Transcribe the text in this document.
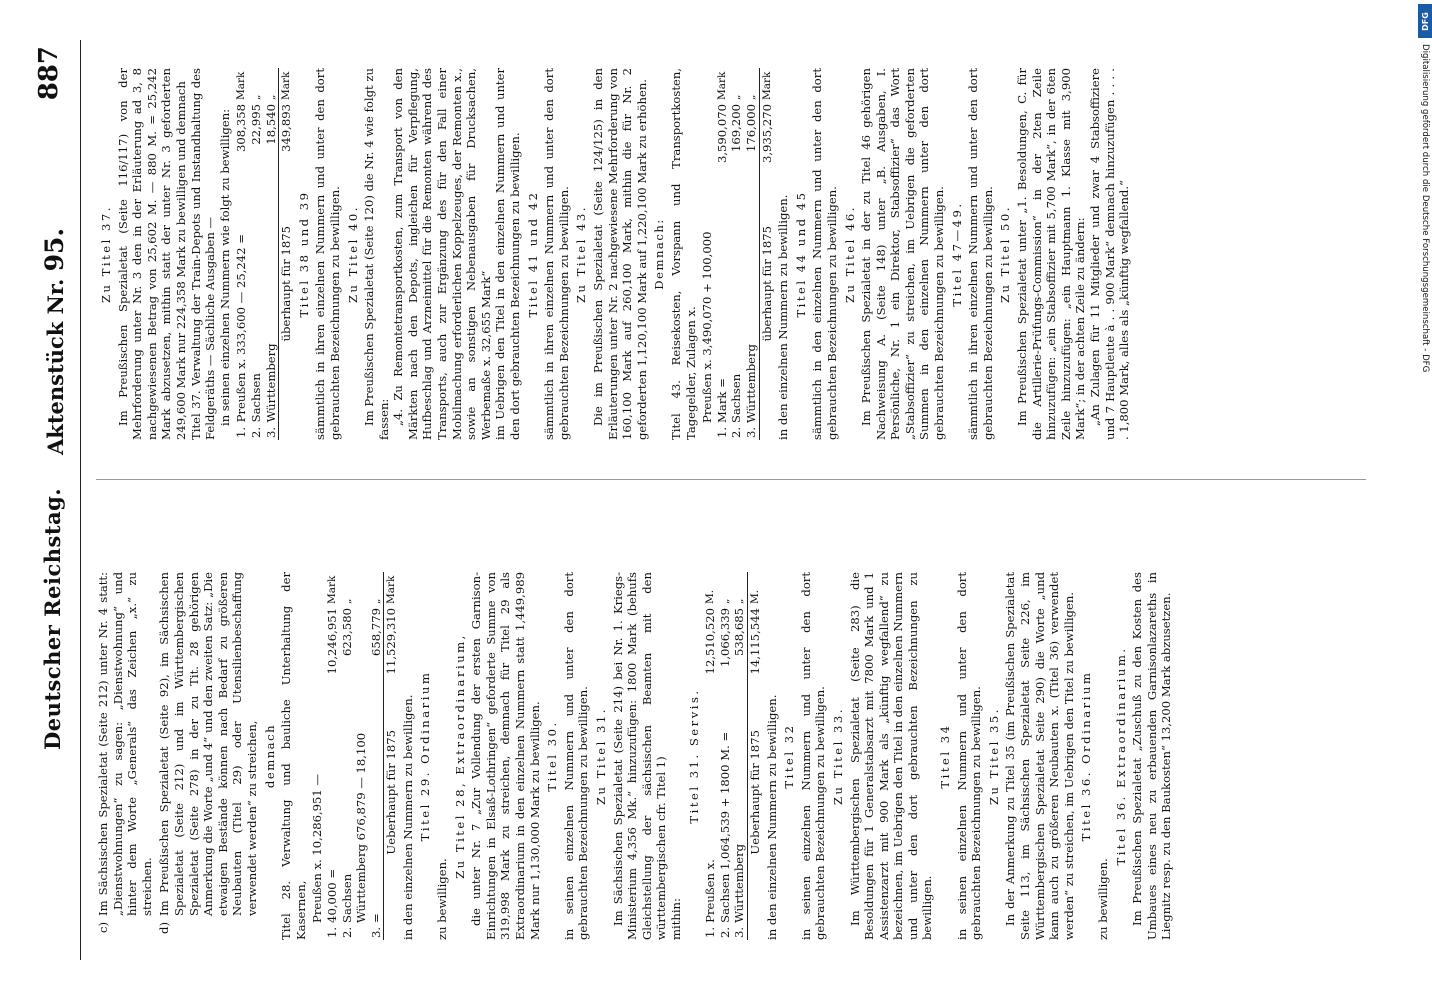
Deutscher Reichstag.
Aktenstück Nr. 95.
887
c)
Im Sächsischen Spezialetat (Seite 212) unter Nr. 4 statt: „Dienstwohnungen“ zu sagen: „Dienstwohnung“ und hinter dem Worte „Generals“ das Zeichen „x.“ zu streichen.
d)
Im Preußischen Spezialetat (Seite 92), im Sächsischen Spezialetat (Seite 212) und im Württembergischen Spezialetat (Seite 278) in der zu Tit. 28 gehörigen Anmerkung die Worte „und 4“ und den zweiten Satz: „Die etwaigen Bestände können nach Bedarf zu größeren Neubauten (Titel 29) oder Utensilienbeschaffung verwendet werden“ zu streichen, demnach Titel 28. Verwaltung und bauliche Unterhaltung der Kasernen, 1.	Preußen x. 10,286,951 — 40,000 =	10,246,951	Mark
2.	Sachsen	623,580	„
3.	Württemberg 676,879 — 18,100 =	658,779	„
	Ueberhaupt für 1875	11,529,310	Mark
in den einzelnen Nummern zu bewilligen. Titel 29. Ordinarium
zu bewilligen.
Zu Titel 28, Extraordinarium, die unter Nr. 7 „Zur Vollendung der ersten Garnison-Einrichtungen in Elsaß-Lothringen“ geforderte Summe von 319,998 Mark zu streichen, demnach für Titel 29 als Extraordinarium in den einzelnen Nummern statt 1,449,989 Mark nur 1,130,000 Mark zu bewilligen. Titel 30. in seinen einzelnen Nummern und unter den dort gebrauchten Bezeichnungen zu bewilligen. Zu Titel 31. Im Sächsischen Spezialetat (Seite 214) bei Nr. 1. Kriegs-Ministerium 4,356 Mk.“ hinzuzufügen: 1800 Mark (behufs Gleichstellung der sächsischen Beamten mit den württembergischen cfr. Titel 1) mithin:
Titel 31. Servis.
1.	Preußen x.	12,510,520	M.
2.	Sachsen 1,064,539 + 1800 M. =	1,066,339	„
3.	Württemberg	538,685	„
	Ueberhaupt für 1875	14,115,544	M.
in den einzelnen Nummern zu bewilligen. Titel 32 in seinen einzelnen Nummern und unter den dort gebrauchten Bezeichnungen zu bewilligen. Zu Titel 33. Im Württembergischen Spezialetat (Seite 283) die Besoldungen für 1 Generalstabsarzt mit 7800 Mark und 1 Assistenzarzt mit 900 Mark als „künftig wegfallend“ zu bezeichnen, im Uebrigen den Titel in den einzelnen Nummern und unter den dort gebrauchten Bezeichnungen zu bewilligen.
Titel 34 in seinen einzelnen Nummern und unter den dort gebrauchten Bezeichnungen zu bewilligen. Zu Titel 35. In der Anmerkung zu Titel 35 (im Preußischen Spezialetat Seite 113, im Sächsischen Spezialetat Seite 226, im Württembergischen Spezialetat Seite 290) die Worte „und kann auch zu größeren Neubauten x. (Titel 36) verwendet werden“ zu streichen, im Uebrigen den Titel zu bewilligen. Titel 36. Ordinarium
zu bewilligen.
Titel 36. Extraordinarium. Im Preußischen Spezialetat „Zuschuß zu den Kosten des Umbaues eines neu zu erbauenden Garnisonlazareths in Liegnitz resp. zu den Baukosten“ 13,200 Mark abzusetzen.
Zu Titel 37. Im Preußischen Spezialetat (Seite 116/117) von der Mehrforderung unter Nr. 3 den in der Erläuterung ad 3, 8 nachgewiesenen Betrag von 25,602 M. — 880 M. = 25,242 Mark abzusetzen, mithin statt der unter Nr. 3 geforderten 249,600 Mark nur 224,358 Mark zu bewilligen und demnach Titel 37. Verwaltung der Train-Depots und Instandhaltung des Feldgeräths — Sächliche Ausgaben — in seinen einzelnen Nummern wie folgt zu bewilligen:
1.	Preußen x. 333,600 — 25,242 =	308,358	Mark
2.	Sachsen	22,995	„
3.	Württemberg	18,540	„
	überhaupt für 1875	349,893	Mark
Titel 38 und 39 sämmtlich in ihren einzelnen Nummern und unter den dort gebrauchten Bezeichnungen zu bewilligen. Zu Titel 40. Im Preußischen Spezialetat (Seite 120) die Nr. 4 wie folgt zu fassen: „4. Zu Remontetransportkosten, zum Transport von den Märkten nach den Depots, ingleichen für Verpflegung, Hufbeschlag und Arzneimittel für die Remonten während des Transports, auch zur Ergänzung des für den Fall einer Mobilmachung erforderlichen Koppelzeuges, der Remonten x., sowie an sonstigen Nebenausgaben für Drucksachen, Werbemaße x. 32,655 Mark“ im Uebrigen den Titel in den einzelnen Nummern und unter den dort gebrauchten Bezeichnungen zu bewilligen. Titel 41 und 42 sämmtlich in ihren einzelnen Nummern und unter den dort gebrauchten Bezeichnungen zu bewilligen. Zu Titel 43. Die im Preußischen Spezialetat (Seite 124/125) in den Erläuterungen unter Nr. 2 nachgewiesene Mehrforderung von 160,100 Mark auf 260,100 Mark, mithin die für Nr. 2 geforderten 1,120,100 Mark auf 1,220,100 Mark zu erhöhen. Demnach: Titel 43. Reisekosten, Vorspann und Transportkosten, Tagegelder, Zulagen x. 1.	Preußen x. 3,490,070 + 100,000 Mark =	3,590,070	Mark
2.	Sachsen	169,200	„
3.	Württemberg	176,000	„
	überhaupt für 1875	3,935,270	Mark
in den einzelnen Nummern zu bewilligen. Titel 44 und 45 sämmtlich in den einzelnen Nummern und unter den dort gebrauchten Bezeichnungen zu bewilligen. Zu Titel 46. Im Preußischen Spezialetat in der zu Titel 46 gehörigen Nachweisung A. (Seite 148) unter „B. Ausgaben, I. Persönliche, Nr. 1 ein Direktor, Stabsoffizier“ das Wort „Stabsoffizier“ zu streichen, im Uebrigen die geforderten Summen in den einzelnen Nummern unter den dort gebrauchten Bezeichnungen zu bewilligen. Titel 47—49. sämmtlich in ihren einzelnen Nummern und unter den dort gebrauchten Bezeichnungen zu bewilligen. Zu Titel 50. Im Preußischen Spezialetat unter „1. Besoldungen, C. für die Artillerie-Prüfungs-Commission“ in der 2ten Zeile hinzuzufügen: „ein Stabsoffizier mit 5,700 Mark“, in der 6ten Zeile hinzuzufügen: „ein Hauptmann 1. Klasse mit 3,900 Mark“; in der achten Zeile zu ändern: „An Zulagen für 11 Mitglieder und zwar 4 Stabsoffiziere und 7 Hauptleute à . . 900 Mark“ demnach hinzuzufügen . . . . . 1,800 Mark, alles als „künftig wegfallend.“
DFG
Digitalisierung gefördert durch die Deutsche Forschungsgemeinschaft - DFG
